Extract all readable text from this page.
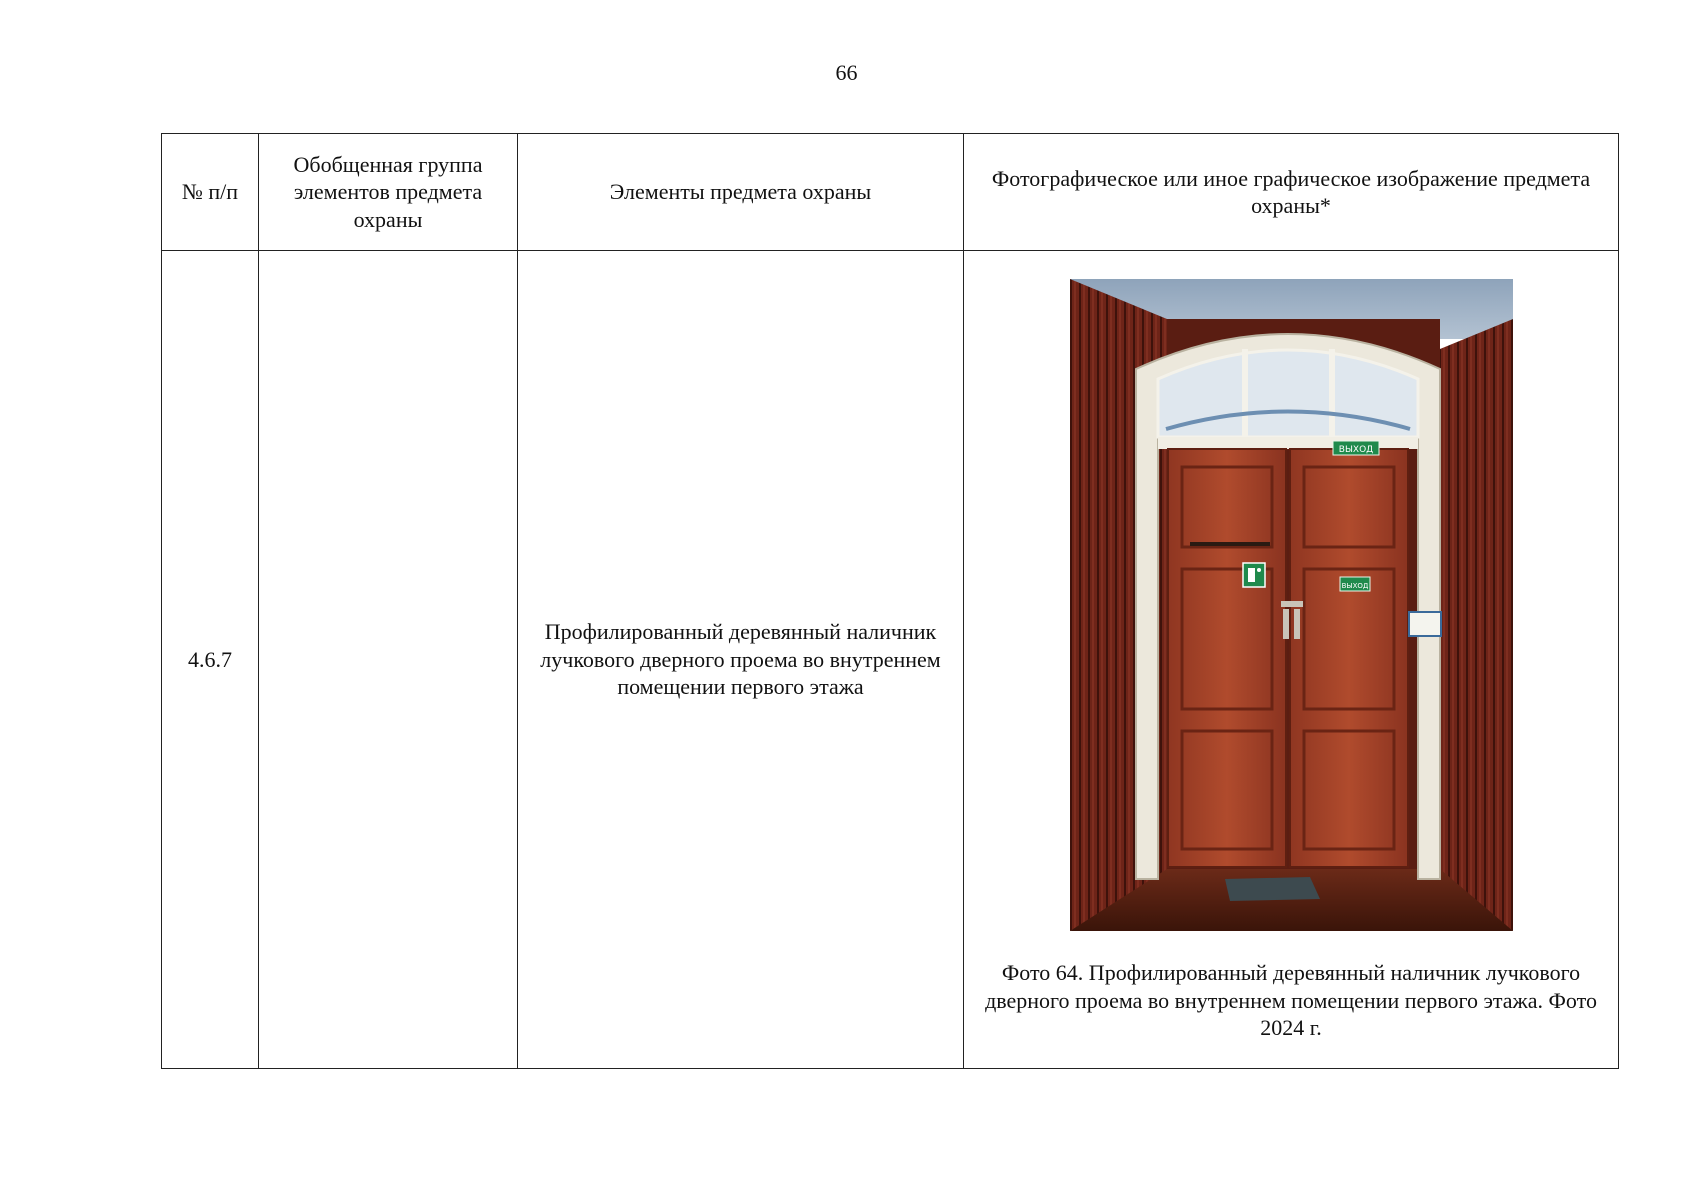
66
№ п/п	Обобщенная группа элементов предмета охраны	Элементы предмета охраны	Фотографическое или иное графическое изображение предмета охраны*
4.6.7		Профилированный деревянный наличник лучкового дверного проема во внутреннем помещении первого этажа	ВЫХОД
ВЫХОД
Фото 64. Профилированный деревянный наличник лучкового дверного проема во внутреннем помещении первого этажа. Фото 2024 г.
